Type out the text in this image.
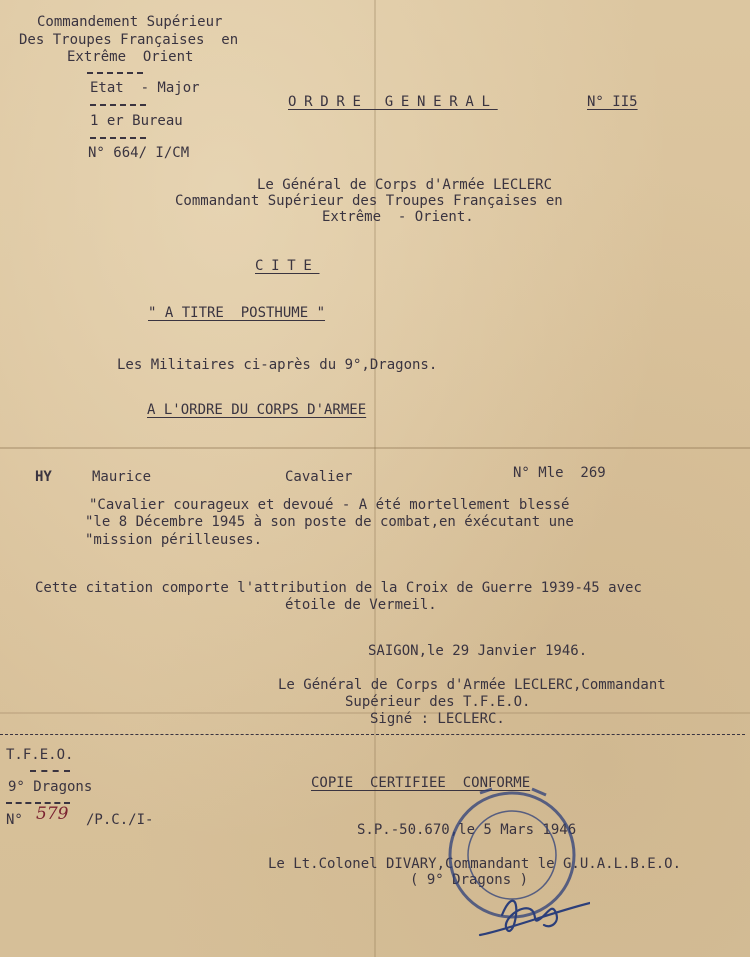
Commandement Supérieur
Des Troupes Françaises  en
Extrême  Orient
Etat  - Major
1 er Bureau
N° 664/ I/CM
ORDRE GENERAL	N° II5
Le Général de Corps d'Armée LECLERC
Commandant Supérieur des Troupes Françaises en
Extrême  - Orient.
CITE
" A TITRE  POSTHUME "
Les Militaires ci-après du 9°,Dragons.
A L'ORDRE DU CORPS D'ARMEE
HY	Maurice	Cavalier	N° Mle  269
"Cavalier courageux et devoué - A été mortellement blessé
"le 8 Décembre 1945 à son poste de combat,en éxécutant une
"mission périlleuses.
Cette citation comporte l'attribution de la Croix de Guerre 1939-45 avec
étoile de Vermeil.
SAIGON,le 29 Janvier 1946.
Le Général de Corps d'Armée LECLERC,Commandant
Supérieur des T.F.E.O.
Signé : LECLERC.
T.F.E.O.
9° Dragons
N° 579 /P.C./I-
COPIE  CERTIFIEE  CONFORME
S.P.-50.670,le 5 Mars 1946
Le Lt.Colonel DIVARY,Commandant le G.U.A.L.B.E.O.
( 9° Dragons )
